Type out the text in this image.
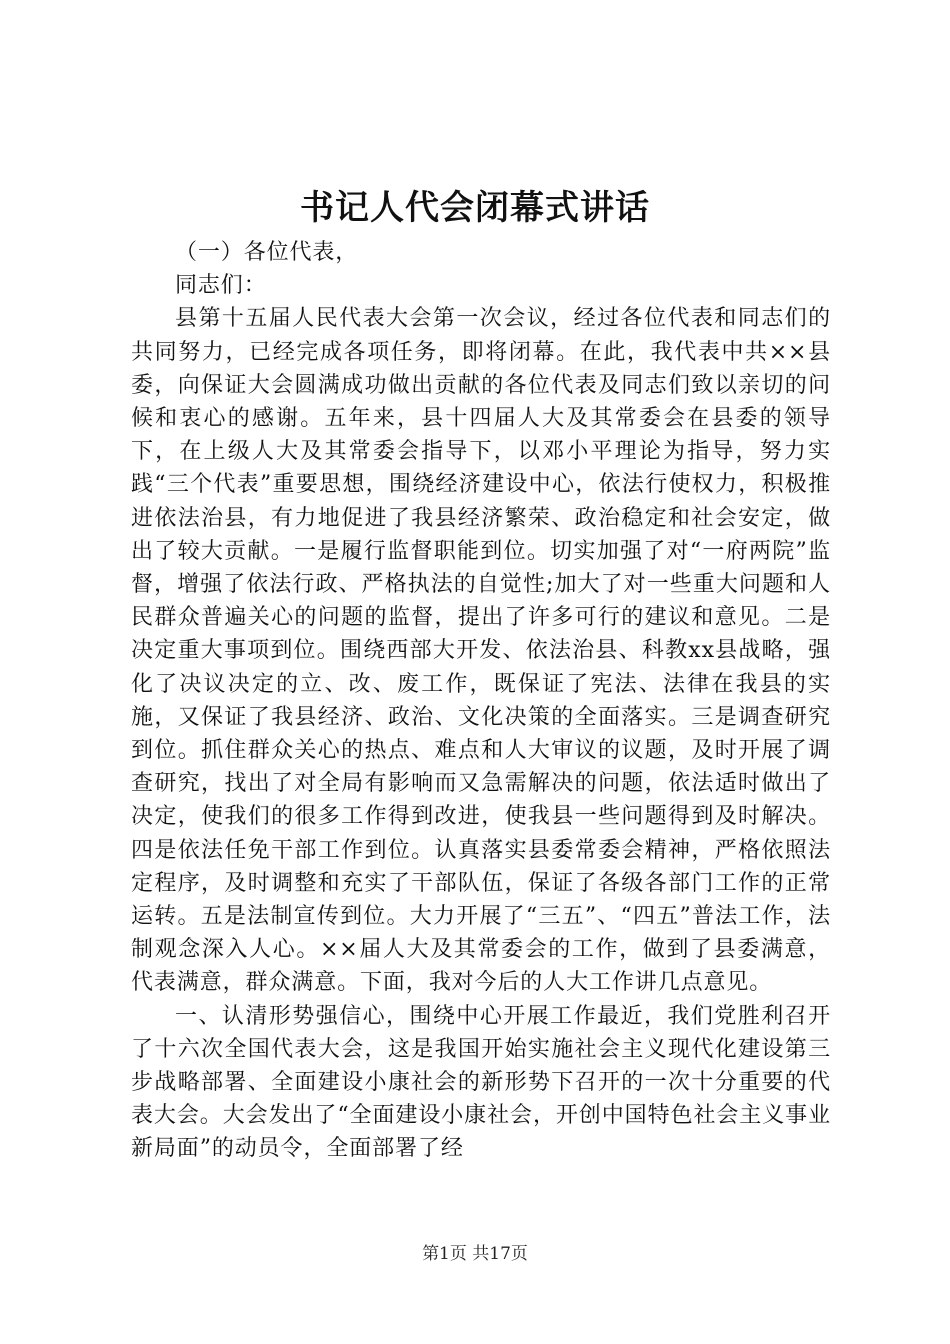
书记人代会闭幕式讲话

（一）各位代表，

同志们：

县第十五届人民代表大会第一次会议，经过各位代表和同志们的共同努力，已经完成各项任务，即将闭幕。在此，我代表中共××县委，向保证大会圆满成功做出贡献的各位代表及同志们致以亲切的问候和衷心的感谢。五年来，县十四届人大及其常委会在县委的领导下，在上级人大及其常委会指导下，以邓小平理论为指导，努力实践“三个代表”重要思想，围绕经济建设中心，依法行使权力，积极推进依法治县，有力地促进了我县经济繁荣、政治稳定和社会安定，做出了较大贡献。一是履行监督职能到位。切实加强了对“一府两院”监督，增强了依法行政、严格执法的自觉性;加大了对一些重大问题和人民群众普遍关心的问题的监督，提出了许多可行的建议和意见。二是决定重大事项到位。围绕西部大开发、依法治县、科教xx县战略，强化了决议决定的立、改、废工作，既保证了宪法、法律在我县的实施，又保证了我县经济、政治、文化决策的全面落实。三是调查研究到位。抓住群众关心的热点、难点和人大审议的议题，及时开展了调查研究，找出了对全局有影响而又急需解决的问题，依法适时做出了决定，使我们的很多工作得到改进，使我县一些问题得到及时解决。四是依法任免干部工作到位。认真落实县委常委会精神，严格依照法定程序，及时调整和充实了干部队伍，保证了各级各部门工作的正常运转。五是法制宣传到位。大力开展了“三五”、“四五”普法工作，法制观念深入人心。××届人大及其常委会的工作，做到了县委满意，代表满意，群众满意。下面，我对今后的人大工作讲几点意见。

一、认清形势强信心，围绕中心开展工作最近，我们党胜利召开了十六次全国代表大会，这是我国开始实施社会主义现代化建设第三步战略部署、全面建设小康社会的新形势下召开的一次十分重要的代表大会。大会发出了“全面建设小康社会，开创中国特色社会主义事业新局面”的动员令，全面部署了经

第1页 共17页
